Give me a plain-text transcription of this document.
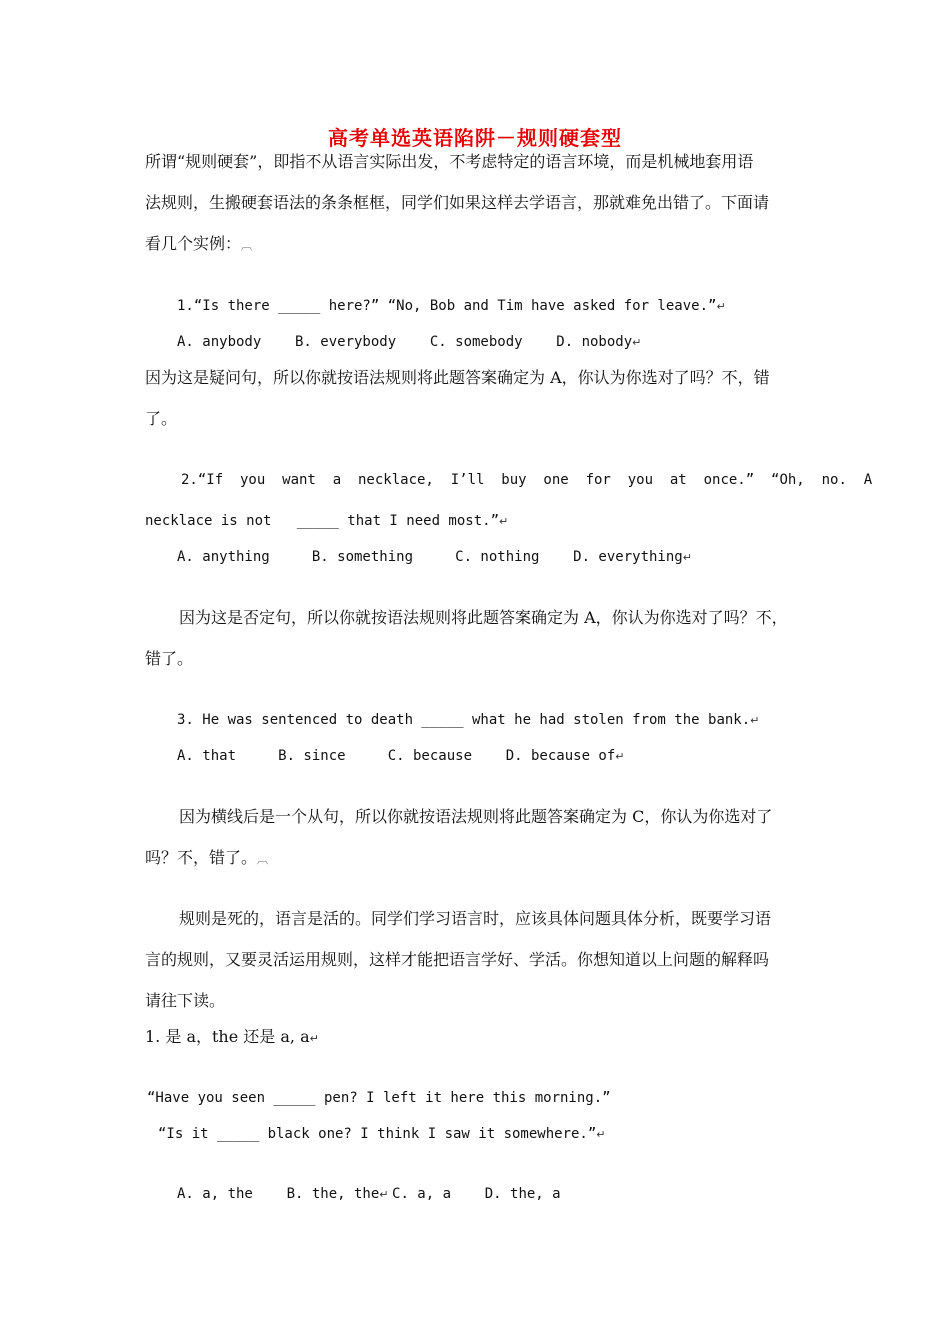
高考单选英语陷阱－规则硬套型
所谓“规则硬套”，即指不从语言实际出发，不考虑特定的语言环境，而是机械地套用语
法规则，生搬硬套语法的条条框框，同学们如果这样去学语言，那就难免出错了。下面请
看几个实例：︹
1.“Is there _____ here?” “No, Bob and Tim have asked for leave.”↵
A. anybody    B. everybody    C. somebody    D. nobody↵
因为这是疑问句，所以你就按语法规则将此题答案确定为 A，你认为你选对了吗？不，错
了。
2.“If  you  want  a  necklace,  I’ll  buy  one  for  you  at  once.”  “Oh,  no.  A
necklace is not   _____ that I need most.”↵
A. anything     B. something     C. nothing    D. everything↵
因为这是否定句，所以你就按语法规则将此题答案确定为 A，你认为你选对了吗？不，
错了。
3. He was sentenced to death _____ what he had stolen from the bank.↵
A. that     B. since     C. because    D. because of↵
因为横线后是一个从句，所以你就按语法规则将此题答案确定为 C，你认为你选对了
吗？不，错了。︹
规则是死的，语言是活的。同学们学习语言时，应该具体问题具体分析，既要学习语
言的规则，又要灵活运用规则，这样才能把语言学好、学活。你想知道以上问题的解释吗
请往下读。
1. 是 a，the 还是 a, a↵
“Have you seen _____ pen? I left it here this morning.”
“Is it _____ black one? I think I saw it somewhere.”↵
A. a, the    B. the, the↵ C. a, a    D. the, a
